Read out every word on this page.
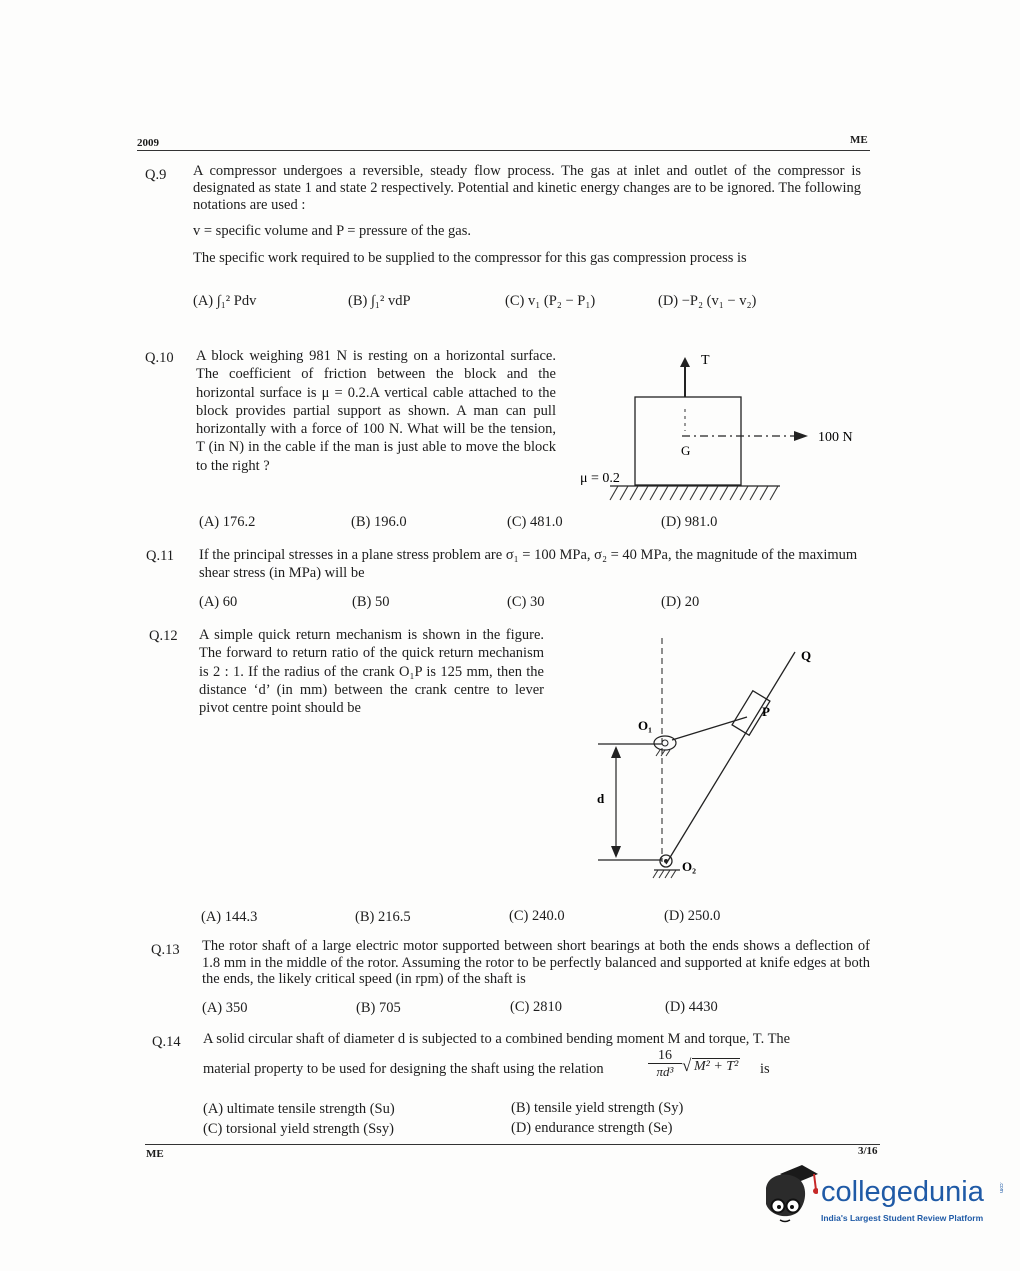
2009	ME
Q.9 A compressor undergoes a reversible, steady flow process. The gas at inlet and outlet of the compressor is designated as state 1 and state 2 respectively. Potential and kinetic energy changes are to be ignored. The following notations are used :
v = specific volume and P = pressure of the gas.
The specific work required to be supplied to the compressor for this gas compression process is
(A) ∫₁² Pdv	(B) ∫₁² vdP	(C) v₁ (P₂ − P₁)	(D) −P₂ (v₁ − v₂)
Q.10 A block weighing 981 N is resting on a horizontal surface. The coefficient of friction between the block and the horizontal surface is μ = 0.2.A vertical cable attached to the block provides partial support as shown. A man can pull horizontally with a force of 100 N. What will be the tension, T (in N) in the cable if the man is just able to move the block to the right ?
T
100 N
G
μ = 0.2
(A) 176.2	(B) 196.0	(C) 481.0	(D) 981.0
Q.11 If the principal stresses in a plane stress problem are σ₁ = 100 MPa, σ₂ = 40 MPa, the magnitude of the maximum shear stress (in MPa) will be
(A) 60	(B) 50	(C) 30	(D) 20
Q.12 A simple quick return mechanism is shown in the figure. The forward to return ratio of the quick return mechanism is 2 : 1. If the radius of the crank O₁P is 125 mm, then the distance ‘d’ (in mm) between the crank centre to lever pivot centre point should be
d
O₁
O₂
P
Q
(A) 144.3	(B) 216.5	(C) 240.0	(D) 250.0
Q.13 The rotor shaft of a large electric motor supported between short bearings at both the ends shows a deflection of 1.8 mm in the middle of the rotor. Assuming the rotor to be perfectly balanced and supported at knife edges at both the ends, the likely critical speed (in rpm) of the shaft is
(A) 350	(B) 705	(C) 2810	(D) 4430
Q.14 A solid circular shaft of diameter d is subjected to a combined bending moment M and torque, T. The
material property to be used for designing the shaft using the relation	$\frac{16}{\text{πd³}}$ √ M² + T² is
(A) ultimate tensile strength (Su)	(B) tensile yield strength (Sy)
(C) torsional yield strength (Ssy)	(D) endurance strength (Se)
ME	3/16
collegedunia	.com
India's Largest Student Review Platform
